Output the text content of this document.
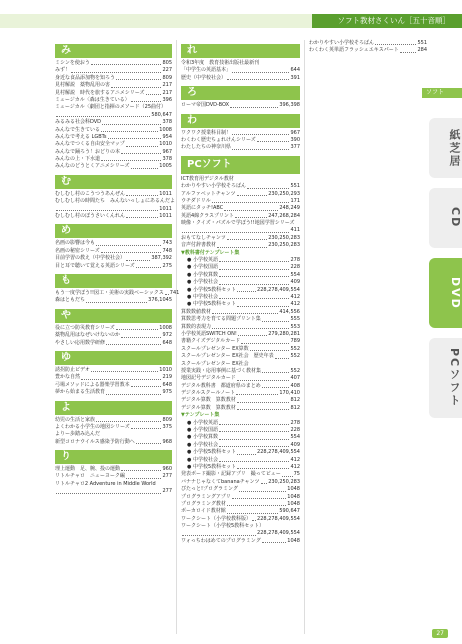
ソフト教材さくいん［五十音順］
み
ミシンを使おう	805
みず！	227
身近な食品添加物を知ろう	809
見村解説　薬物乱用の害	217
見村解説　時代を旅するアニメシリーズ	217
ミュージカル〈森は生きている〉	396
ミュージカル〈劇団と指揮のメソード（25曲付）
580,647
みるみる社会科DVD	378
みんなで生きている	1008
みんなで考える LGBTs	954
みんなでつくる自由安全マップ	1010
みんなで踊ろう！おどりの本	967
みんなの上・下水道	378
みんなのどうとくアニメシリーズ	1005
む
むしむし村のこうつうあんぜん	1011
むしむし村の時間たち　みんないっしょにあるんだよ
1011
むしむし村のぼうさいくんれん	1011
め
名画の影響は今も	743
名画の秘密シリーズ	748
目前学習の教え（中学校社会）	387,392
目と耳で聴いて覚える英語シリーズ	275
も
もう一度学ぼう!!図工・美術の実践ベーシックス 741
森はともだち	376,1045
や
役に立つ防災教育シリーズ	1008
薬物乱用はなぜいけないのか	972
やさしい応用数学研修	648
ゆ
誘拐防止ビデオ	1010
豊かな自然	219
弓場メソッドによる器楽学習教本	648
夢から始まる生活教育	975
よ
幼児の生活と家族	809
よくわかる小学生の地図シリーズ	375
よりー歩踏み込んだ
新型コロナウイルス感染予防行動へ	968
り
理上運動　足、腕、投の運動	960
リトルチャロ　ニューヨーク編	277
リトルチャロ2 Adventure in Middle World
277
れ
令和3年度　教育技術出版社最新刊
「中学生の英語基本」	644
歴史（中学校社会）	391
ろ
ローマ帝国DVD-BOX	396,398
わ
ワクワク授業科目制！	967
わくわく歴史ちょれけんシリーズ	390
わたしたちの神奈川県	377
PCソフト
ICT教育用デジタル教材
わかりやすい小学校そろばん	551
アルファベットチャンツ	230,250,293
ウチダドリル	171
英語にタッチ!ABC	248,249
英語4線クラスプリント	247,268,284
映像・クイズ・パズルで学ぼう!!地図学習シリーズ
411
おもてなしチャンツ	230,250,283
音声付辞書教材	230,250,283
▼教科書付テンプレート集
● 小学校英語	278
● 小学校国語	228
● 小学校算数	554
● 小学校社会	409
● 小学校5教科セット	228,278,409,554
● 中学校社会	412
● 中学校5教科セット	412
算数数値教材	414,556
算数思考力を育てる問題プリント集	555
算数的表現力	553
小学校英語SWITCH ON!	279,280,281
書籍クイズデジタルカード	789
スクールプレゼンター EX算数	552
スクールプレゼンター EX社会　歴史年表	552
スクールプレゼンター EX社会
授業実践・応用事例に基づく教材集	552
地図記号デジタルカード	407
デジタル教科書　都道府県のまとめ	408
デジタルスクールノート	170,410
デジタル算数　算数教材	812
デジタル算数　算数教材	812
▼テンプレート集
● 小学校英語	278
● 小学校国語	228
● 小学校算数	554
● 小学校社会	409
● 小学校5教科セット	228,278,409,554
● 中学校社会	412
● 中学校5教科セット	412
発表ボード撮影・記録アプリ　撮ってビュー	75
バナナじゃなくてbananaチャンツ 230,250,283
ぴたっと!プログラミング	1048
プログラミングアプリ	1048
プログラミング教材	1048
ボーカロイド教材館	590,647
ワークシート（小学校教科版） 228,278,409,554
ワークシート（小学校5教科セット）
228,278,409,554
ワォっちわはめてのプログラミング	1048
わかりやすい小学校そろばん	551
わくわく英単語フラッシュエキスパート	284
ソフト
紙芝居
CD
DVD
PCソフト
27
